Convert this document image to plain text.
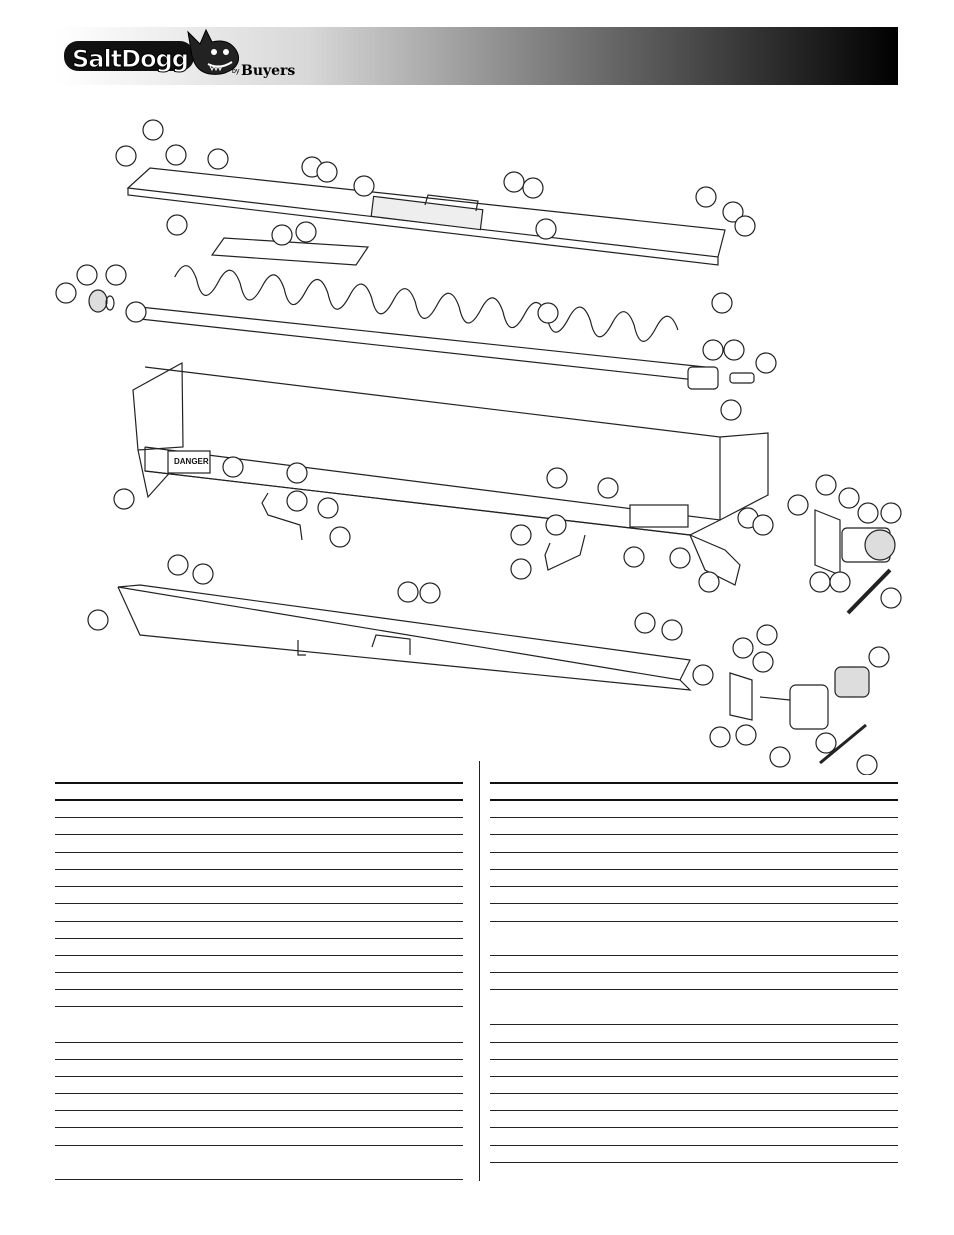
SaltDogg	by Buyers
DANGER
